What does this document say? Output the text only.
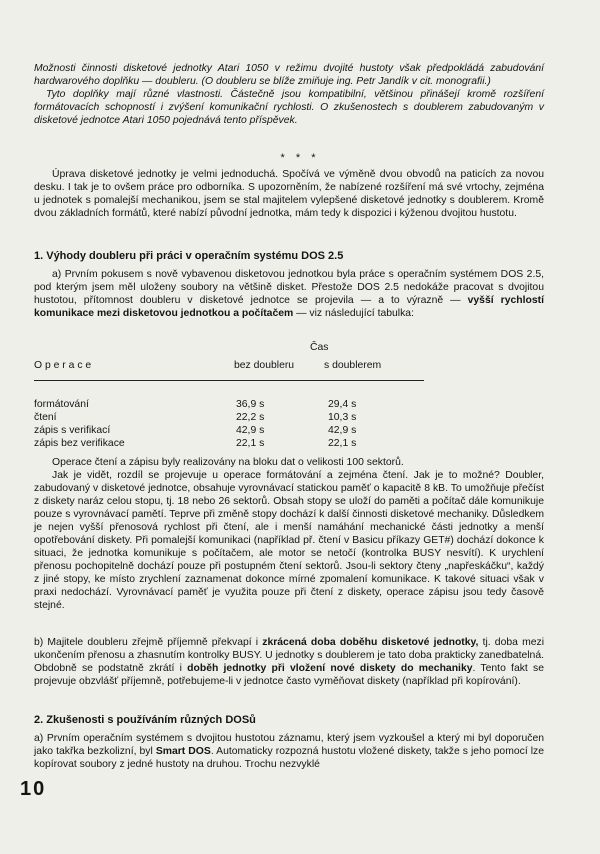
Možnosti činnosti disketové jednotky Atari 1050 v režimu dvojité hustoty však předpokládá zabudování hardwarového doplňku — doubleru. (O doubleru se blíže zmiňuje ing. Petr Jandík v cit. monografii.)

Tyto doplňky mají různé vlastnosti. Částečně jsou kompatibilní, většinou přinášejí kromě rozšíření formátovacích schopností i zvýšení komunikační rychlosti. O zkušenostech s doublerem zabudovaným v disketové jednotce Atari 1050 pojednává tento příspěvek.

* * *

Úprava disketové jednotky je velmi jednoduchá. Spočívá ve výměně dvou obvodů na paticích za novou desku. I tak je to ovšem práce pro odborníka. S upozorněním, že nabízené rozšíření má své vrtochy, zejména u jednotek s pomalejší mechanikou, jsem se stal majitelem vylepšené disketové jednotky s doublerem. Kromě dvou základních formátů, které nabízí původní jednotka, mám tedy k dispozici i kýženou dvojitou hustotu.

1. Výhody doubleru při práci v operačním systému DOS 2.5

a) Prvním pokusem s nově vybavenou disketovou jednotkou byla práce s operačním systémem DOS 2.5, pod kterým jsem měl uloženy soubory na většině disket. Přestože DOS 2.5 nedokáže pracovat s dvojitou hustotou, přítomnost doubleru v disketové jednotce se projevila — a to výrazně — vyšší rychlostí komunikace mezi disketovou jednotkou a počítačem — viz následující tabulka:

Čas
O p e r a c e	bez doubleru	s doublerem
formátování	36,9 s	29,4 s
čtení	22,2 s	10,3 s
zápis s verifikací	42,9 s	42,9 s
zápis bez verifikace	22,1 s	22,1 s

Operace čtení a zápisu byly realizovány na bloku dat o velikosti 100 sektorů.

Jak je vidět, rozdíl se projevuje u operace formátování a zejména čtení. Jak je to možné? Doubler, zabudovaný v disketové jednotce, obsahuje vyrovnávací statickou paměť o kapacitě 8 kB. To umožňuje přečíst z diskety naráz celou stopu, tj. 18 nebo 26 sektorů. Obsah stopy se uloží do paměti a počítač dále komunikuje pouze s vyrovnávací pamětí. Teprve při změně stopy dochází k další činnosti disketové mechaniky. Důsledkem je nejen vyšší přenosová rychlost při čtení, ale i menší namáhání mechanické části jednotky a menší opotřebování diskety. Při pomalejší komunikaci (například př. čtení v Basicu příkazy GET#) dochází dokonce k situaci, že jednotka komunikuje s počítačem, ale motor se netočí (kontrolka BUSY nesvítí). K urychlení přenosu pochopitelně dochází pouze při postupném čtení sektorů. Jsou-li sektory čteny „napřeskáčku“, každý z jiné stopy, ke místo zrychlení zaznamenat dokonce mírné zpomalení komunikace. K takové situaci však v praxi nedochází. Vyrovnávací paměť je využita pouze při čtení z diskety, operace zápisu jsou tedy časově stejné.

b) Majitele doubleru zřejmě příjemně překvapí i zkrácená doba doběhu disketové jednotky, tj. doba mezi ukončením přenosu a zhasnutím kontrolky BUSY. U jednotky s doublerem je tato doba prakticky zanedbatelná. Obdobně se podstatně zkrátí i doběh jednotky při vložení nové diskety do mechaniky. Tento fakt se projevuje obzvlášť příjemně, potřebujeme-li v jednotce často vyměňovat diskety (například při kopírování).

2. Zkušenosti s používáním různých DOSů

a) Prvním operačním systémem s dvojitou hustotou záznamu, který jsem vyzkoušel a který mi byl doporučen jako takřka bezkolizní, byl Smart DOS. Automaticky rozpozná hustotu vložené diskety, takže s jeho pomocí lze kopírovat soubory z jedné hustoty na druhou. Trochu nezvyklé

10
